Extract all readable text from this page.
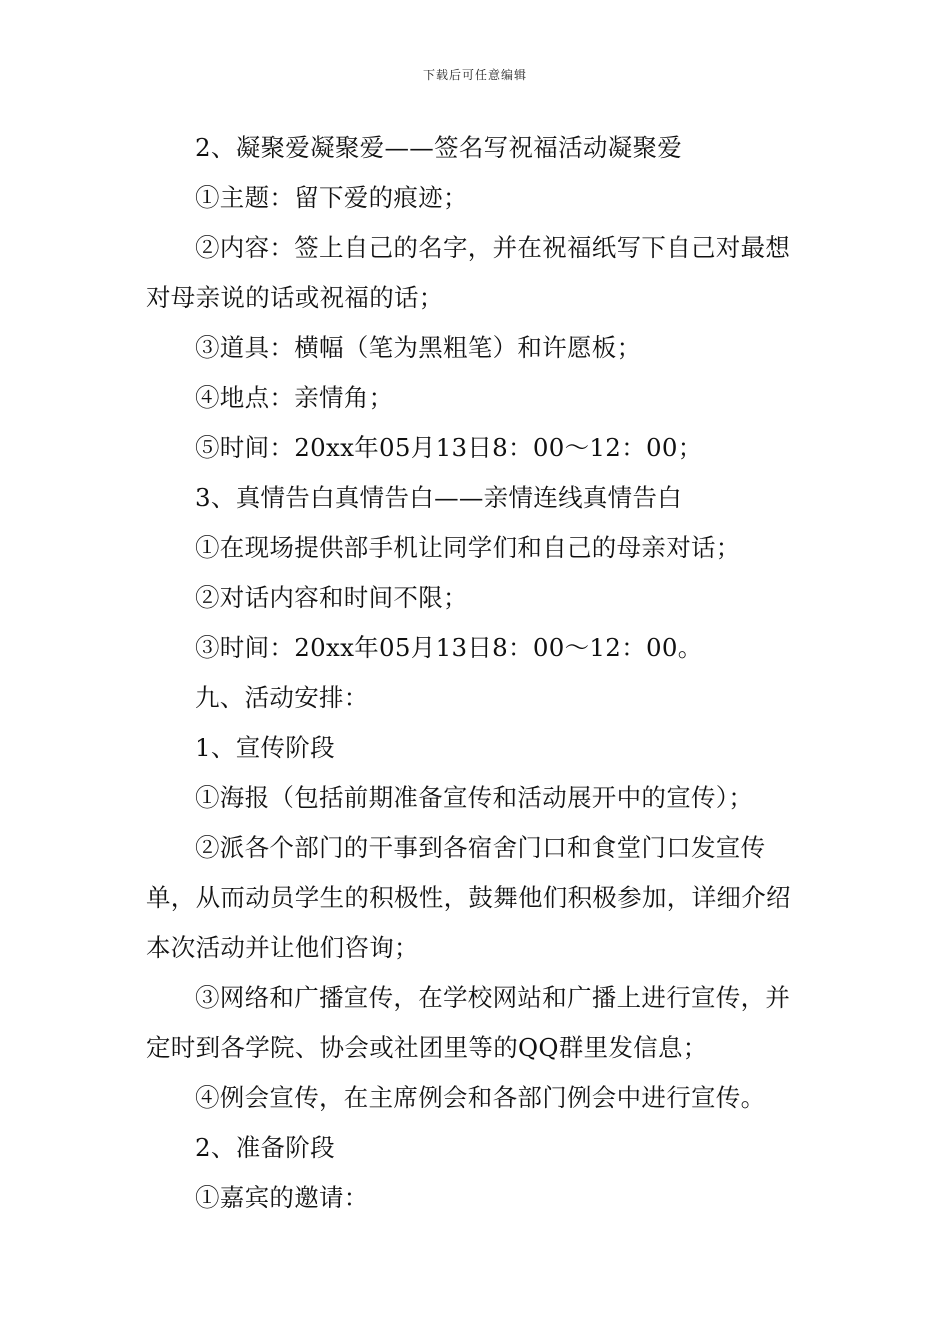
下载后可任意编辑

2、凝聚爱凝聚爱——签名写祝福活动凝聚爱

①主题：留下爱的痕迹；

②内容：签上自己的名字，并在祝福纸写下自己对最想对母亲说的话或祝福的话；

③道具：横幅（笔为黑粗笔）和许愿板；

④地点：亲情角；

⑤时间：20xx年05月13日8：00～12：00；

3、真情告白真情告白——亲情连线真情告白

①在现场提供部手机让同学们和自己的母亲对话；

②对话内容和时间不限；

③时间：20xx年05月13日8：00～12：00。

九、活动安排：

1、宣传阶段

①海报（包括前期准备宣传和活动展开中的宣传）；

②派各个部门的干事到各宿舍门口和食堂门口发宣传单，从而动员学生的积极性，鼓舞他们积极参加，详细介绍本次活动并让他们咨询；

③网络和广播宣传，在学校网站和广播上进行宣传，并定时到各学院、协会或社团里等的QQ群里发信息；

④例会宣传，在主席例会和各部门例会中进行宣传。

2、准备阶段

①嘉宾的邀请：
